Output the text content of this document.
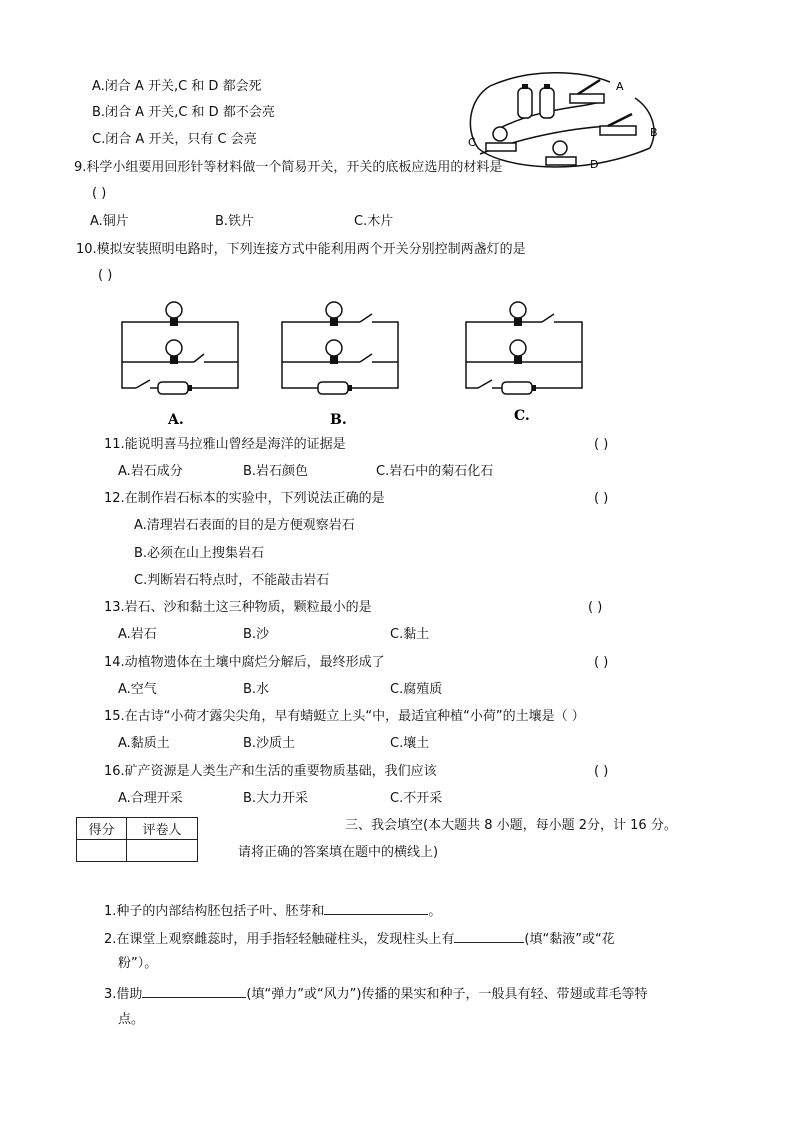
A.闭合 A 开关,C 和 D 都会死
B.闭合 A 开关,C 和 D 都不会亮
C.闭合 A 开关，只有 C 会亮
A
B
C
D
9.科学小组要用回形针等材料做一个简易开关，开关的底板应选用的材料是
( )
A.铜片	B.铁片	C.木片
10.模拟安装照明电路时，下列连接方式中能利用两个开关分别控制两盏灯的是
( )
A.	B.	C.
11.能说明喜马拉雅山曾经是海洋的证据是	( )
A.岩石成分	B.岩石颜色	C.岩石中的菊石化石
12.在制作岩石标本的实验中，下列说法正确的是	( )
A.清理岩石表面的目的是方便观察岩石
B.必须在山上搜集岩石
C.判断岩石特点时，不能敲击岩石
13.岩石、沙和黏土这三种物质，颗粒最小的是	( )
A.岩石	B.沙	C.黏土
14.动植物遗体在土壤中腐烂分解后，最终形成了	( )
A.空气	B.水	C.腐殖质
15.在古诗“小荷才露尖尖角，早有蜻蜓立上头“中，最适宜种植“小荷”的土壤是（ ）
A.黏质土	B.沙质土	C.壤土
16.矿产资源是人类生产和生活的重要物质基础，我们应该	( )
A.合理开采	B.大力开采	C.不开采
得分	评卷人
		三、我会填空(本大题共 8 小题，每小题 2分，计 16 分。
请将正确的答案填在题中的横线上)
1.种子的内部结构胚包括子叶、胚芽和	。
2.在课堂上观察雌蕊时，用手指轻轻触碰柱头，发现柱头上有	(填“黏液”或“花
粉”）。
3.借助	(填“弹力”或“风力”)传播的果实和种子，一般具有轻、带翅或茸毛等特
点。
